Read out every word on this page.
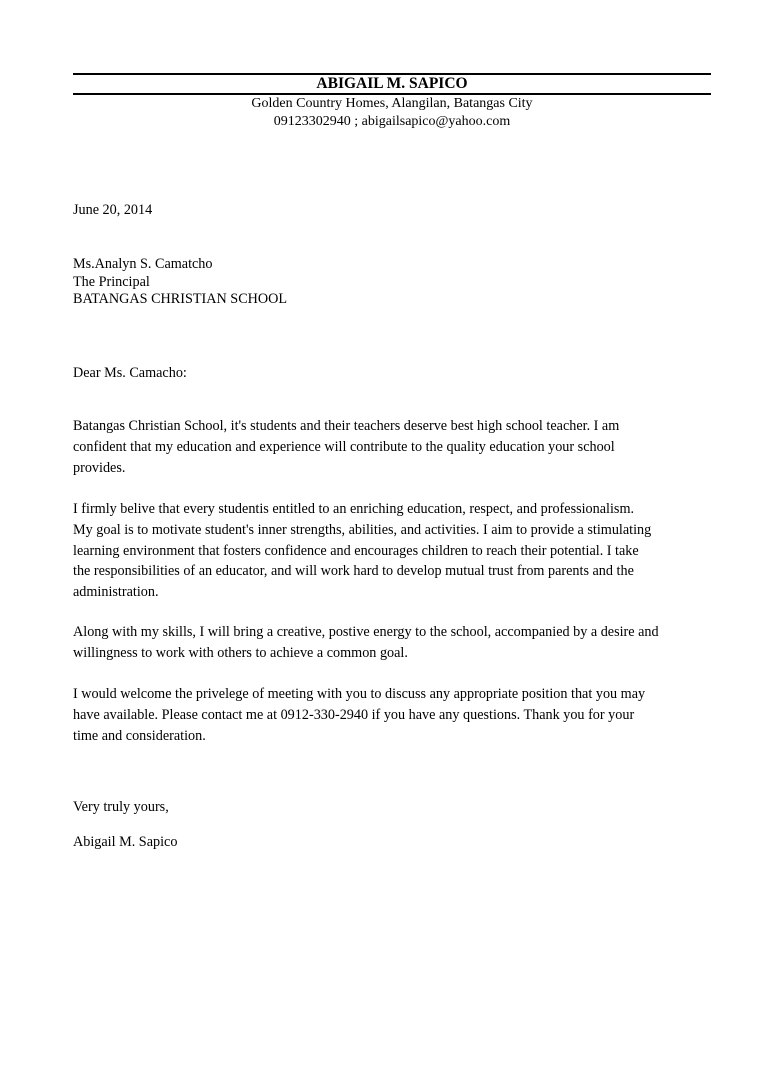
ABIGAIL M. SAPICO
Golden Country Homes, Alangilan, Batangas City
09123302940 ; abigailsapico@yahoo.com
June 20, 2014
Ms.Analyn S. Camatcho
The Principal
BATANGAS CHRISTIAN SCHOOL
Dear Ms. Camacho:
Batangas Christian School, it's students and their teachers deserve best high school teacher. I am
confident that my education and experience will contribute to the quality education your school
provides.
I firmly belive that every studentis entitled to an enriching education, respect, and professionalism.
My goal is to motivate student's inner strengths, abilities, and activities. I aim to provide a stimulating
learning environment that fosters confidence and encourages children to reach their potential. I take
the responsibilities of an educator, and will work hard to develop mutual trust from parents and the
administration.
Along with my skills, I will bring a creative, postive energy to the school, accompanied by a desire and
willingness to work with others to achieve a common goal.
I would welcome the privelege of meeting with you to discuss any appropriate position that you may
have available. Please contact me at 0912-330-2940 if you have any questions. Thank you for your
time and consideration.
Very truly yours,
Abigail M. Sapico
